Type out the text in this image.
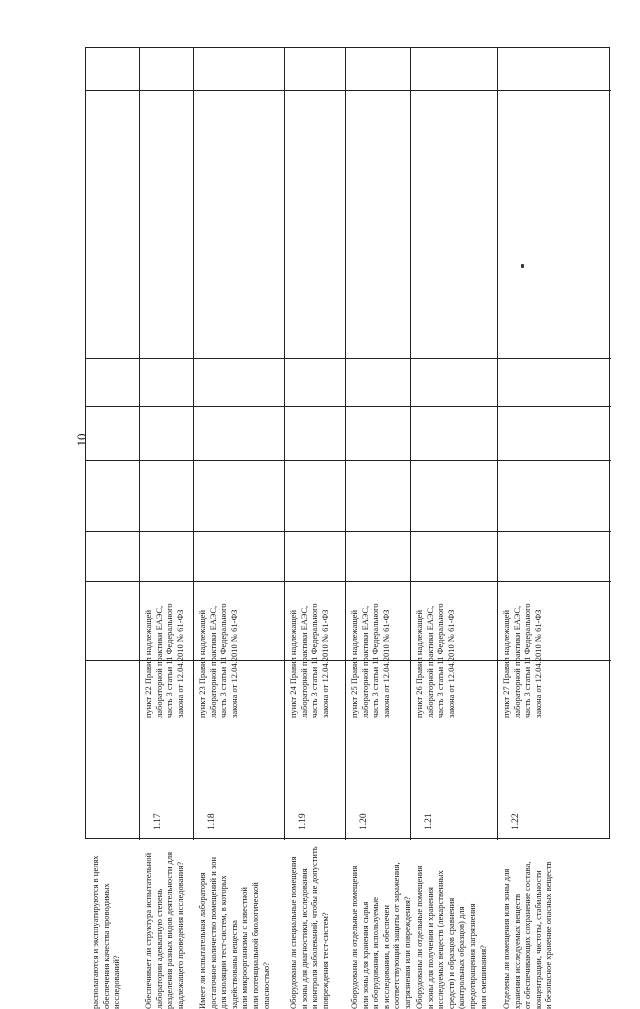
10
располагаются и эксплуатируются в целях
обеспечения качества проводимых
исследований?
1.17
Обеспечивает ли структура испытательной
лаборатории адекватную степень
разделения разных видов деятельности для
надлежащего проведения исследования?
пункт 22 Правил надлежащей
лабораторной практики ЕАЭС,
часть 3 статьи 11 Федерального
закона от 12.04.2010 № 61-ФЗ
1.18
Имеет ли испытательная лаборатория
достаточное количество помещений и зон
для изоляции тест-систем, в которых
задействованы вещества
или микроорганизмы с известной
или потенциальной биологической
опасностью?
пункт 23 Правил надлежащей
лабораторной практики ЕАЭС,
часть 3 статьи 11 Федерального
закона от 12.04.2010 № 61-ФЗ
1.19
Оборудованы ли специальные помещения
и зоны для диагностики, исследования
и контроля заболеваний, чтобы не допустить
повреждения тест-систем?
пункт 24 Правил надлежащей
лабораторной практики ЕАЭС,
часть 3 статьи 11 Федерального
закона от 12.04.2010 № 61-ФЗ
1.20
Оборудованы ли отдельные помещения
или зоны для хранения сырья
и оборудования, используемые
в исследовании, и обеспечен
соответствующий защиты от заражения,
загрязнения или повреждения?
пункт 25 Правил надлежащей
лабораторной практики ЕАЭС,
часть 3 статьи 11 Федерального
закона от 12.04.2010 № 61-ФЗ
1.21
Оборудованы ли отдельные помещения
и зоны для получения и хранения
исследуемых веществ (лекарственных
средств) и образцов сравнения
(контрольных образцов) для
предотвращения загрязнения
или смешивания?
пункт 26 Правил надлежащей
лабораторной практики ЕАЭС,
часть 3 статьи 11 Федерального
закона от 12.04.2010 № 61-ФЗ
1.22
Отделены ли помещения или зоны для
хранения исследуемых веществ
от обеспечивающих сохранение состава,
концентрации, чистоты, стабильности
и безопасное хранение опасных веществ
пункт 27 Правил надлежащей
лабораторной практики ЕАЭС,
часть 3 статьи 11 Федерального
закона от 12.04.2010 № 61-ФЗ
